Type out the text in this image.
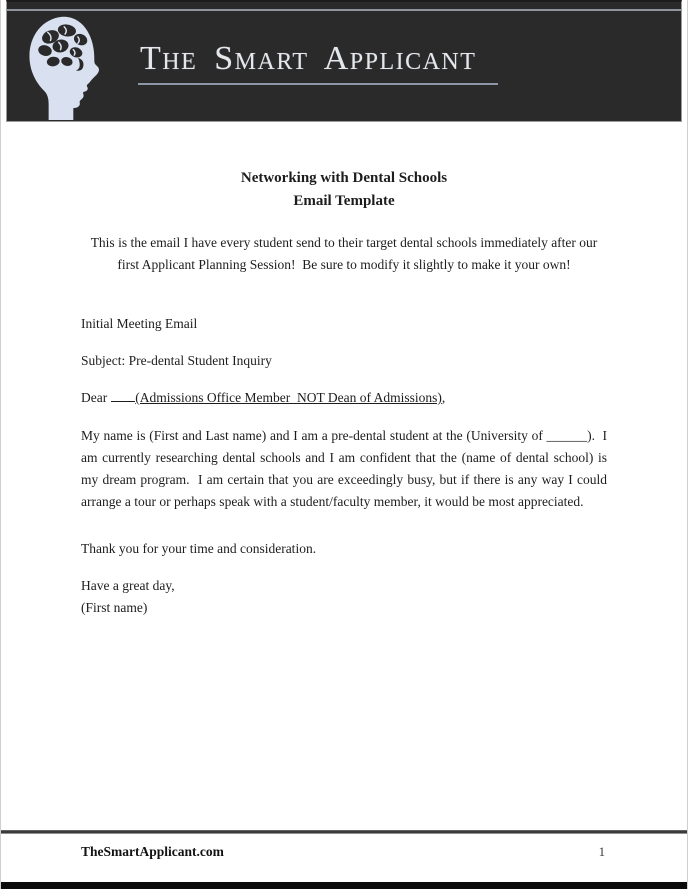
The Smart Applicant
Networking with Dental Schools
Email Template

This is the email I have every student send to their target dental schools immediately after our first Applicant Planning Session!  Be sure to modify it slightly to make it your own!

Initial Meeting Email

Subject: Pre-dental Student Inquiry

Dear (Admissions Office Member  NOT Dean of Admissions),

My name is (First and Last name) and I am a pre-dental student at the (University of ______).  I am currently researching dental schools and I am confident that the (name of dental school) is my dream program.  I am certain that you are exceedingly busy, but if there is any way I could arrange a tour or perhaps speak with a student/faculty member, it would be most appreciated.

Thank you for your time and consideration.

Have a great day,
(First name)

TheSmartApplicant.com	1
